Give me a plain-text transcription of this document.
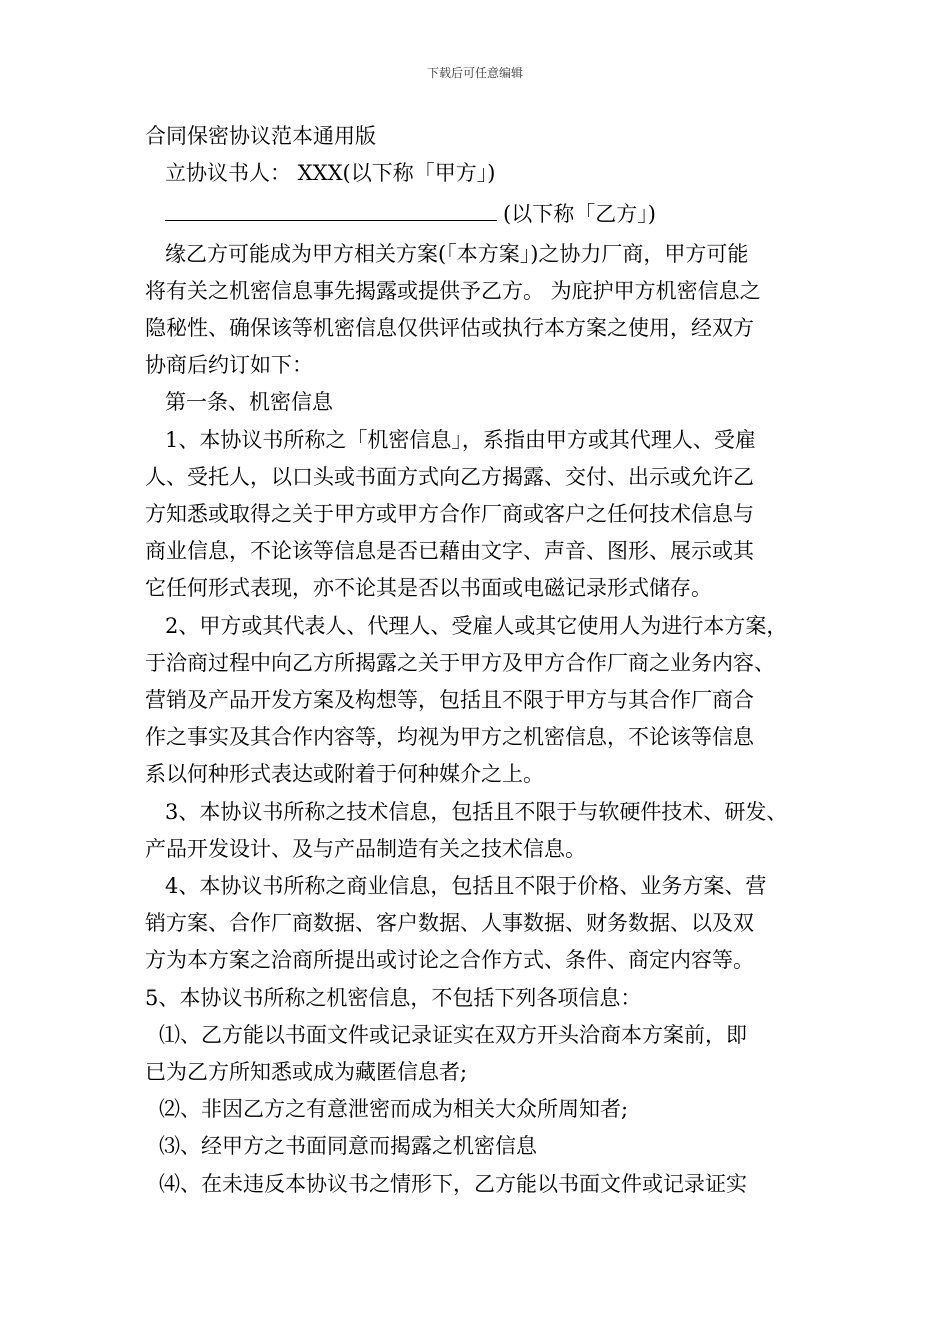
下载后可任意编辑
合同保密协议范本通用版
立协议书人： XXX(以下称「甲方」)
(以下称「乙方」)
缘乙方可能成为甲方相关方案(「本方案」)之协力厂商，甲方可能
将有关之机密信息事先揭露或提供予乙方。 为庇护甲方机密信息之
隐秘性、确保该等机密信息仅供评估或执行本方案之使用，经双方
协商后约订如下：
第一条、机密信息
1、本协议书所称之「机密信息」，系指由甲方或其代理人、受雇
人、受托人，以口头或书面方式向乙方揭露、交付、出示或允许乙
方知悉或取得之关于甲方或甲方合作厂商或客户之任何技术信息与
商业信息，不论该等信息是否已藉由文字、声音、图形、展示或其
它任何形式表现，亦不论其是否以书面或电磁记录形式储存。
2、甲方或其代表人、代理人、受雇人或其它使用人为进行本方案，
于洽商过程中向乙方所揭露之关于甲方及甲方合作厂商之业务内容、
营销及产品开发方案及构想等，包括且不限于甲方与其合作厂商合
作之事实及其合作内容等，均视为甲方之机密信息，不论该等信息
系以何种形式表达或附着于何种媒介之上。
3、本协议书所称之技术信息，包括且不限于与软硬件技术、研发、
产品开发设计、及与产品制造有关之技术信息。
4、本协议书所称之商业信息，包括且不限于价格、业务方案、营
销方案、合作厂商数据、客户数据、人事数据、财务数据、以及双
方为本方案之洽商所提出或讨论之合作方式、条件、商定内容等。
5、本协议书所称之机密信息，不包括下列各项信息：
⑴、乙方能以书面文件或记录证实在双方开头洽商本方案前，即
已为乙方所知悉或成为藏匿信息者;
⑵、非因乙方之有意泄密而成为相关大众所周知者;
⑶、经甲方之书面同意而揭露之机密信息
⑷、在未违反本协议书之情形下，乙方能以书面文件或记录证实
